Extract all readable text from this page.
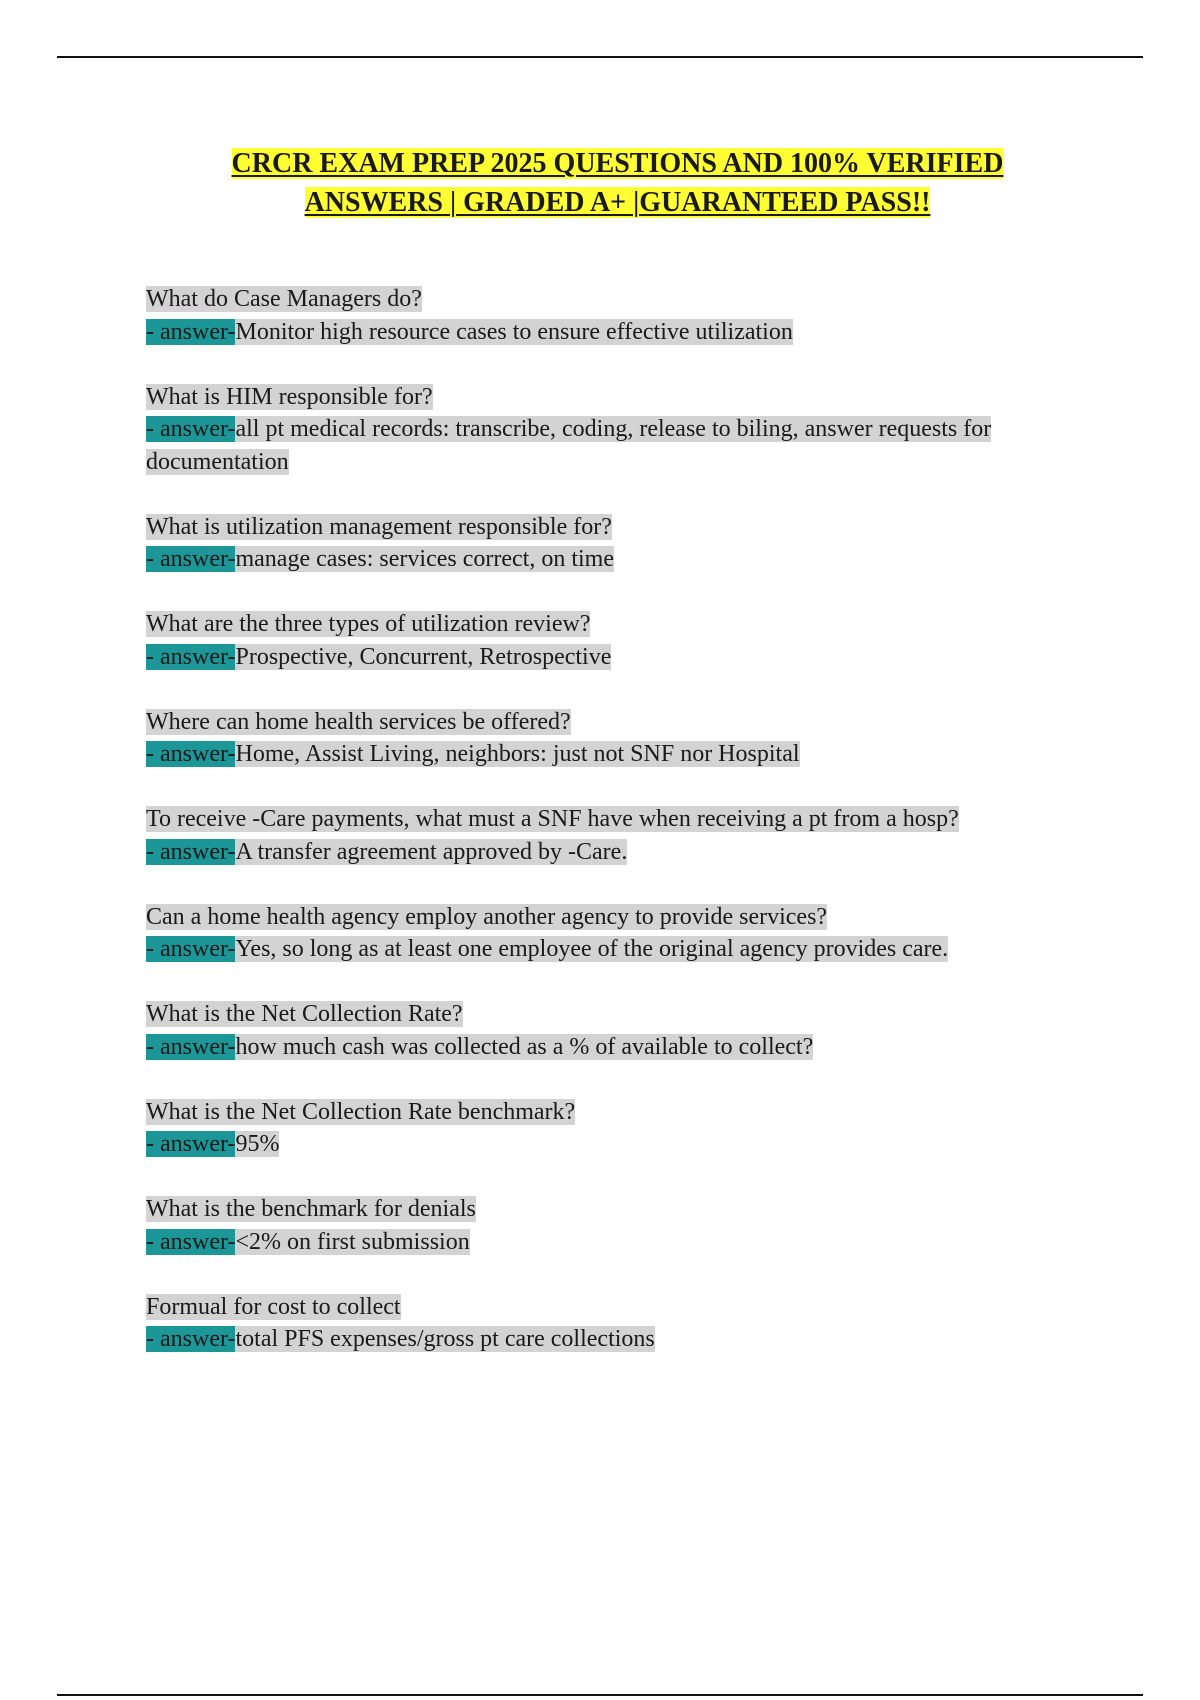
CRCR EXAM PREP 2025 QUESTIONS AND 100% VERIFIED
ANSWERS | GRADED A+ |GUARANTEED PASS!!
What do Case Managers do?
- answer-Monitor high resource cases to ensure effective utilization
What is HIM responsible for?
- answer-all pt medical records: transcribe, coding, release to biling, answer requests for documentation
What is utilization management responsible for?
- answer-manage cases: services correct, on time
What are the three types of utilization review?
- answer-Prospective, Concurrent, Retrospective
Where can home health services be offered?
- answer-Home, Assist Living, neighbors: just not SNF nor Hospital
To receive -Care payments, what must a SNF have when receiving a pt from a hosp?
- answer-A transfer agreement approved by -Care.
Can a home health agency employ another agency to provide services?
- answer-Yes, so long as at least one employee of the original agency provides care.
What is the Net Collection Rate?
- answer-how much cash was collected as a % of available to collect?
What is the Net Collection Rate benchmark?
- answer-95%
What is the benchmark for denials
- answer-<2% on first submission
Formual for cost to collect
- answer-total PFS expenses/gross pt care collections
